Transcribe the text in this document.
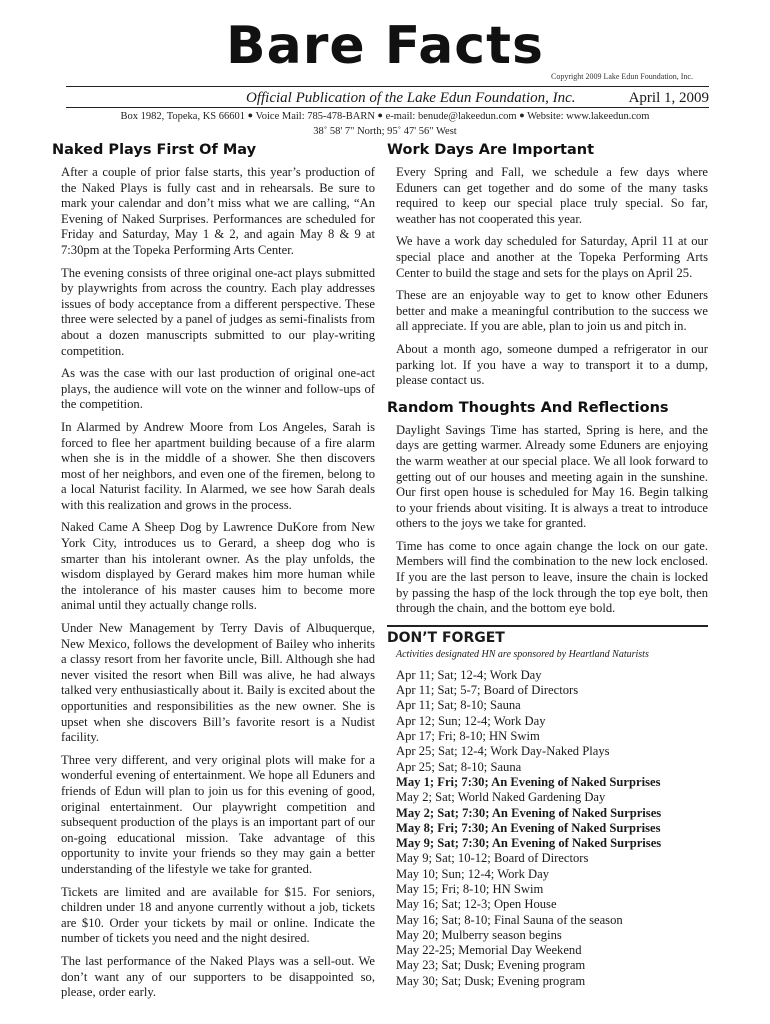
Bare Facts
Copyright 2009 Lake Edun Foundation, Inc.
Official Publication of the Lake Edun Foundation, Inc.	April 1, 2009
Box 1982, Topeka, KS 66601 ● Voice Mail: 785-478-BARN ● e-mail: benude@lakeedun.com ● Website: www.lakeedun.com
38˚ 58' 7" North; 95˚ 47' 56" West
Naked Plays First Of May

After a couple of prior false starts, this year’s production of the Naked Plays is fully cast and in rehearsals. Be sure to mark your calendar and don’t miss what we are calling, “An Evening of Naked Surprises. Performances are scheduled for Friday and Saturday, May 1 & 2, and again May 8 & 9 at 7:30pm at the Topeka Performing Arts Center.

The evening consists of three original one-act plays submitted by playwrights from across the country. Each play addresses issues of body acceptance from a different perspective. These three were selected by a panel of judges as semi-finalists from about a dozen manuscripts submitted to our play-writing competition.

As was the case with our last production of original one-act plays, the audience will vote on the winner and follow-ups of the competition.

In Alarmed by Andrew Moore from Los Angeles, Sarah is forced to flee her apartment building because of a fire alarm when she is in the middle of a shower. She then discovers most of her neighbors, and even one of the firemen, belong to a local Naturist facility. In Alarmed, we see how Sarah deals with this realization and grows in the process.

Naked Came A Sheep Dog by Lawrence DuKore from New York City, introduces us to Gerard, a sheep dog who is smarter than his intolerant owner. As the play unfolds, the wisdom displayed by Gerard makes him more human while the intolerance of his master causes him to become more animal until they actually change rolls.

Under New Management by Terry Davis of Albuquerque, New Mexico, follows the development of Bailey who inherits a classy resort from her favorite uncle, Bill. Although she had never visited the resort when Bill was alive, he had always talked very enthusiastically about it. Baily is excited about the opportunities and responsibilities as the new owner. She is upset when she discovers Bill’s favorite resort is a Nudist facility.

Three very different, and very original plots will make for a wonderful evening of entertainment. We hope all Eduners and friends of Edun will plan to join us for this evening of good, original entertainment. Our playwright competition and subsequent production of the plays is an important part of our on-going educational mission. Take advantage of this opportunity to invite your friends so they may gain a better understanding of the lifestyle we take for granted.

Tickets are limited and are available for $15. For seniors, children under 18 and anyone currently without a job, tickets are $10. Order your tickets by mail or online. Indicate the number of tickets you need and the night desired.

The last performance of the Naked Plays was a sell-out. We don’t want any of our supporters to be disappointed so, please, order early.

Work Days Are Important

Every Spring and Fall, we schedule a few days where Eduners can get together and do some of the many tasks required to keep our special place truly special. So far, weather has not cooperated this year.

We have a work day scheduled for Saturday, April 11 at our special place and another at the Topeka Performing Arts Center to build the stage and sets for the plays on April 25.

These are an enjoyable way to get to know other Eduners better and make a meaningful contribution to the success we all appreciate. If you are able, plan to join us and pitch in.

About a month ago, someone dumped a refrigerator in our parking lot. If you have a way to transport it to a dump, please contact us.

Random Thoughts And Reflections

Daylight Savings Time has started, Spring is here, and the days are getting warmer. Already some Eduners are enjoying the warm weather at our special place. We all look forward to getting out of our houses and meeting again in the sunshine. Our first open house is scheduled for May 16. Begin talking to your friends about visiting. It is always a treat to introduce others to the joys we take for granted.

Time has come to once again change the lock on our gate. Members will find the combination to the new lock enclosed. If you are the last person to leave, insure the chain is locked by passing the hasp of the lock through the top eye bolt, then through the chain, and the bottom eye bold.

DON’T FORGET
Activities designated HN are sponsored by Heartland Naturists
Apr 11; Sat; 12-4; Work Day
Apr 11; Sat; 5-7; Board of Directors
Apr 11; Sat; 8-10; Sauna
Apr 12; Sun; 12-4; Work Day
Apr 17; Fri; 8-10; HN Swim
Apr 25; Sat; 12-4; Work Day-Naked Plays
Apr 25; Sat; 8-10; Sauna
May 1; Fri; 7:30; An Evening of Naked Surprises
May 2; Sat; World Naked Gardening Day
May 2; Sat; 7:30; An Evening of Naked Surprises
May 8; Fri; 7:30; An Evening of Naked Surprises
May 9; Sat; 7:30; An Evening of Naked Surprises
May 9; Sat; 10-12; Board of Directors
May 10; Sun; 12-4; Work Day
May 15; Fri; 8-10; HN Swim
May 16; Sat; 12-3; Open House
May 16; Sat; 8-10; Final Sauna of the season
May 20; Mulberry season begins
May 22-25; Memorial Day Weekend
May 23; Sat; Dusk; Evening program
May 30; Sat; Dusk; Evening program
